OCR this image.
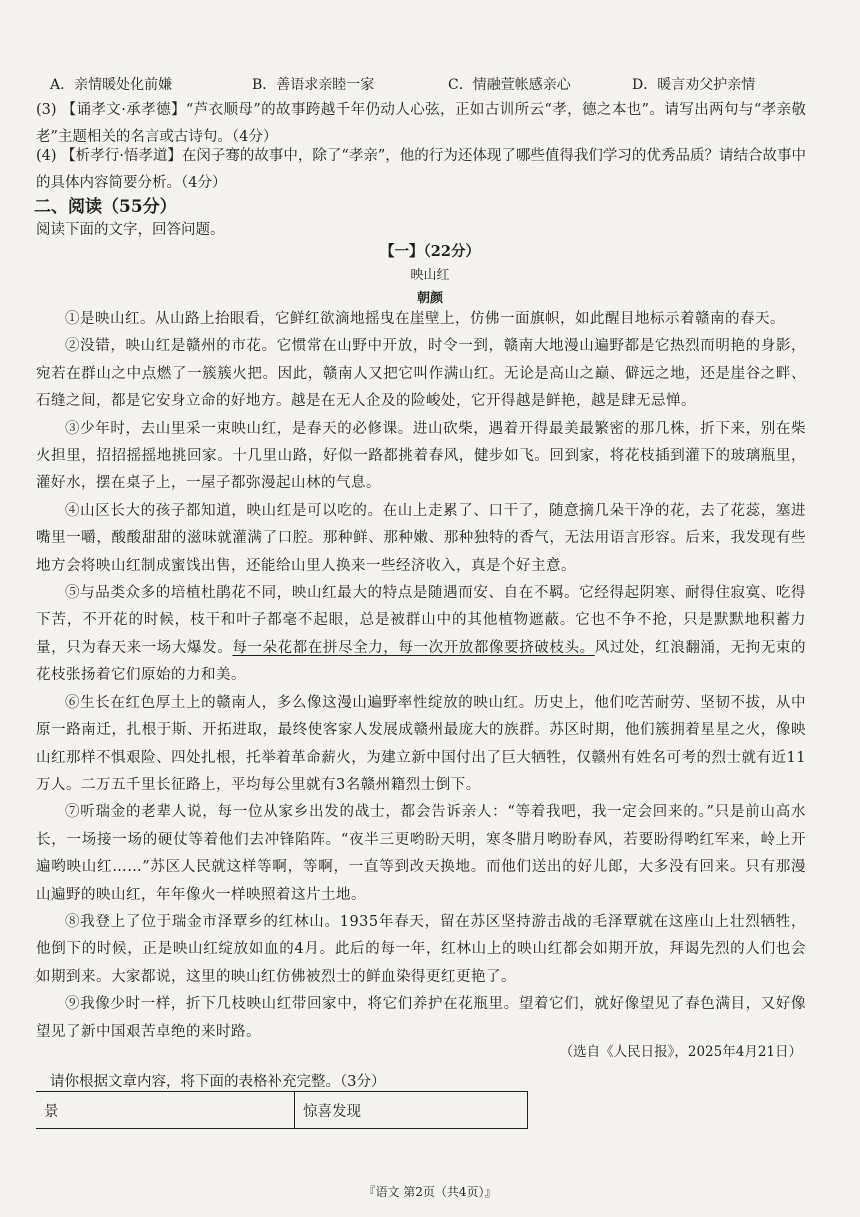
A．亲情暖处化前嫌	B．善语求亲睦一家	C．情融萱帐感亲心	D．暖言劝父护亲情

(3) 【诵孝文·承孝德】“芦衣顺母”的故事跨越千年仍动人心弦，正如古训所云“孝，德之本也”。请写出两句与“孝亲敬老”主题相关的名言或古诗句。（4分）

(4) 【析孝行·悟孝道】在闵子骞的故事中，除了“孝亲”，他的行为还体现了哪些值得我们学习的优秀品质？请结合故事中的具体内容简要分析。（4分）

二、阅读（55分）
阅读下面的文字，回答问题。
【一】（22分）
映山红
朝颜

①是映山红。从山路上抬眼看，它鲜红欲滴地摇曳在崖壁上，仿佛一面旗帜，如此醒目地标示着赣南的春天。

②没错，映山红是赣州的市花。它惯常在山野中开放，时令一到，赣南大地漫山遍野都是它热烈而明艳的身影，宛若在群山之中点燃了一簇簇火把。因此，赣南人又把它叫作满山红。无论是高山之巅、僻远之地，还是崖谷之畔、石缝之间，都是它安身立命的好地方。越是在无人企及的险峻处，它开得越是鲜艳，越是肆无忌惮。

③少年时，去山里采一束映山红，是春天的必修课。进山砍柴，遇着开得最美最繁密的那几株，折下来，别在柴火担里，招招摇摇地挑回家。十几里山路，好似一路都挑着春风，健步如飞。回到家，将花枝插到灌下的玻璃瓶里，灌好水，摆在桌子上，一屋子都弥漫起山林的气息。

④山区长大的孩子都知道，映山红是可以吃的。在山上走累了、口干了，随意摘几朵干净的花，去了花蕊，塞进嘴里一嚼，酸酸甜甜的滋味就灌满了口腔。那种鲜、那种嫩、那种独特的香气，无法用语言形容。后来，我发现有些地方会将映山红制成蜜饯出售，还能给山里人换来一些经济收入，真是个好主意。

⑤与品类众多的培植杜鹃花不同，映山红最大的特点是随遇而安、自在不羁。它经得起阴寒、耐得住寂寞、吃得下苦，不开花的时候，枝干和叶子都毫不起眼，总是被群山中的其他植物遮蔽。它也不争不抢，只是默默地积蓄力量，只为春天来一场大爆发。每一朵花都在拼尽全力，每一次开放都像要挤破枝头。风过处，红浪翻涌，无拘无束的花枝张扬着它们原始的力和美。

⑥生长在红色厚土上的赣南人，多么像这漫山遍野率性绽放的映山红。历史上，他们吃苦耐劳、坚韧不拔，从中原一路南迁，扎根于斯、开拓进取，最终使客家人发展成赣州最庞大的族群。苏区时期，他们簇拥着星星之火，像映山红那样不惧艰险、四处扎根，托举着革命薪火，为建立新中国付出了巨大牺牲，仅赣州有姓名可考的烈士就有近11万人。二万五千里长征路上，平均每公里就有3名赣州籍烈士倒下。

⑦听瑞金的老辈人说，每一位从家乡出发的战士，都会告诉亲人：“等着我吧，我一定会回来的。”只是前山高水长，一场接一场的硬仗等着他们去冲锋陷阵。“夜半三更哟盼天明，寒冬腊月哟盼春风，若要盼得哟红军来，岭上开遍哟映山红……”苏区人民就这样等啊，等啊，一直等到改天换地。而他们送出的好儿郎，大多没有回来。只有那漫山遍野的映山红，年年像火一样映照着这片土地。

⑧我登上了位于瑞金市泽覃乡的红林山。1935年春天，留在苏区坚持游击战的毛泽覃就在这座山上壮烈牺牲，他倒下的时候，正是映山红绽放如血的4月。此后的每一年，红林山上的映山红都会如期开放，拜谒先烈的人们也会如期到来。大家都说，这里的映山红仿佛被烈士的鲜血染得更红更艳了。

⑨我像少时一样，折下几枝映山红带回家中，将它们养护在花瓶里。望着它们，就好像望见了春色满目，又好像望见了新中国艰苦卓绝的来时路。

（选自《人民日报》，2025年4月21日）
请你根据文章内容，将下面的表格补充完整。（3分）
景	惊喜发现
『语文 第2页（共4页）』
